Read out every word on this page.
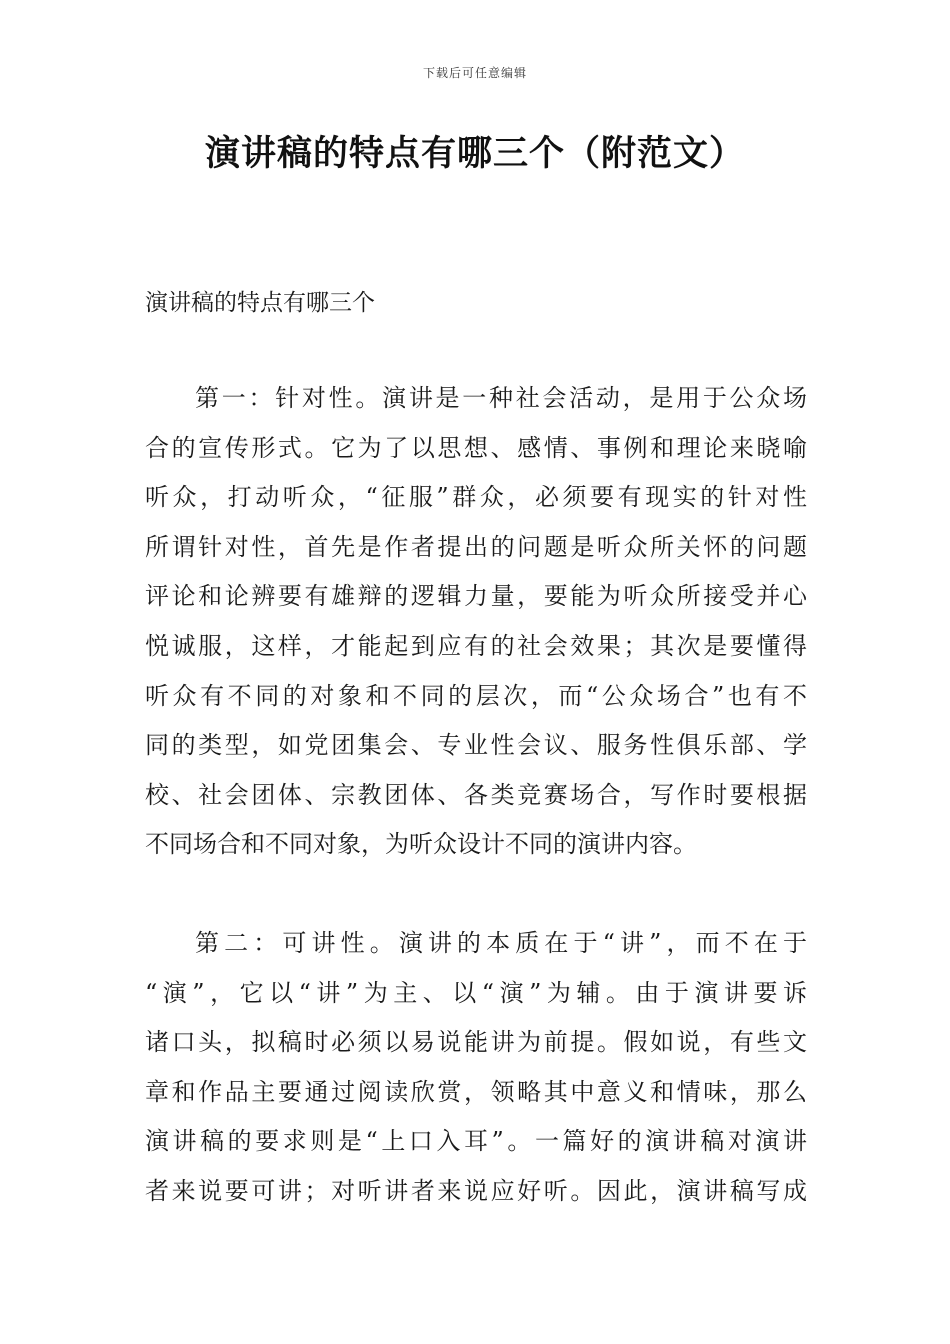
下载后可任意编辑
演讲稿的特点有哪三个（附范文）

演讲稿的特点有哪三个

第一：针对性。演讲是一种社会活动，是用于公众场
合的宣传形式。它为了以思想、感情、事例和理论来晓喻
听众，打动听众，“征服”群众，必须要有现实的针对性
所谓针对性，首先是作者提出的问题是听众所关怀的问题
评论和论辨要有雄辩的逻辑力量，要能为听众所接受并心
悦诚服，这样，才能起到应有的社会效果；其次是要懂得
听众有不同的对象和不同的层次，而“公众场合”也有不
同的类型，如党团集会、专业性会议、服务性俱乐部、学
校、社会团体、宗教团体、各类竞赛场合，写作时要根据
不同场合和不同对象，为听众设计不同的演讲内容。

第二：可讲性。演讲的本质在于“讲”，而不在于
“演”，它以“讲”为主、以“演”为辅。由于演讲要诉
诸口头，拟稿时必须以易说能讲为前提。假如说，有些文
章和作品主要通过阅读欣赏，领略其中意义和情味，那么
演讲稿的要求则是“上口入耳”。一篇好的演讲稿对演讲
者来说要可讲；对听讲者来说应好听。因此，演讲稿写成
